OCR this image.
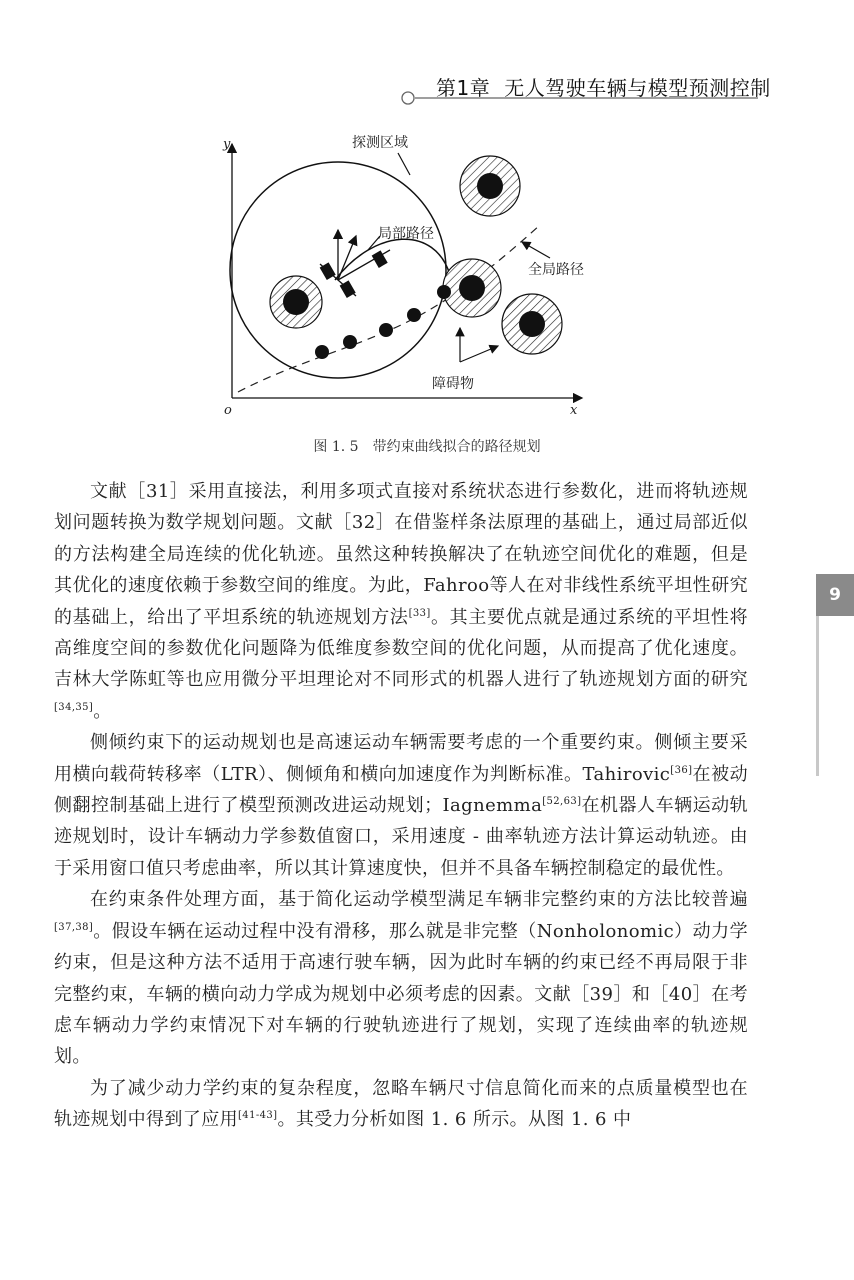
第1章 无人驾驶车辆与模型预测控制
y
x
o
探测区域
局部路径
全局路径
障碍物
图 1. 5 带约束曲线拟合的路径规划

文献［31］采用直接法，利用多项式直接对系统状态进行参数化，进而将轨迹规划问题转换为数学规划问题。文献［32］在借鉴样条法原理的基础上，通过局部近似的方法构建全局连续的优化轨迹。虽然这种转换解决了在轨迹空间优化的难题，但是其优化的速度依赖于参数空间的维度。为此，Fahroo等人在对非线性系统平坦性研究的基础上，给出了平坦系统的轨迹规划方法[33]。其主要优点就是通过系统的平坦性将高维度空间的参数优化问题降为低维度参数空间的优化问题，从而提高了优化速度。吉林大学陈虹等也应用微分平坦理论对不同形式的机器人进行了轨迹规划方面的研究[34,35]。

侧倾约束下的运动规划也是高速运动车辆需要考虑的一个重要约束。侧倾主要采用横向载荷转移率（LTR）、侧倾角和横向加速度作为判断标准。Tahirovic[36]在被动侧翻控制基础上进行了模型预测改进运动规划；Iagnemma[52,63]在机器人车辆运动轨迹规划时，设计车辆动力学参数值窗口，采用速度 - 曲率轨迹方法计算运动轨迹。由于采用窗口值只考虑曲率，所以其计算速度快，但并不具备车辆控制稳定的最优性。

在约束条件处理方面，基于简化运动学模型满足车辆非完整约束的方法比较普遍[37,38]。假设车辆在运动过程中没有滑移，那么就是非完整（Nonholonomic）动力学约束，但是这种方法不适用于高速行驶车辆，因为此时车辆的约束已经不再局限于非完整约束，车辆的横向动力学成为规划中必须考虑的因素。文献［39］和［40］在考虑车辆动力学约束情况下对车辆的行驶轨迹进行了规划，实现了连续曲率的轨迹规划。

为了减少动力学约束的复杂程度，忽略车辆尺寸信息简化而来的点质量模型也在轨迹规划中得到了应用[41-43]。其受力分析如图 1. 6 所示。从图 1. 6 中

9
